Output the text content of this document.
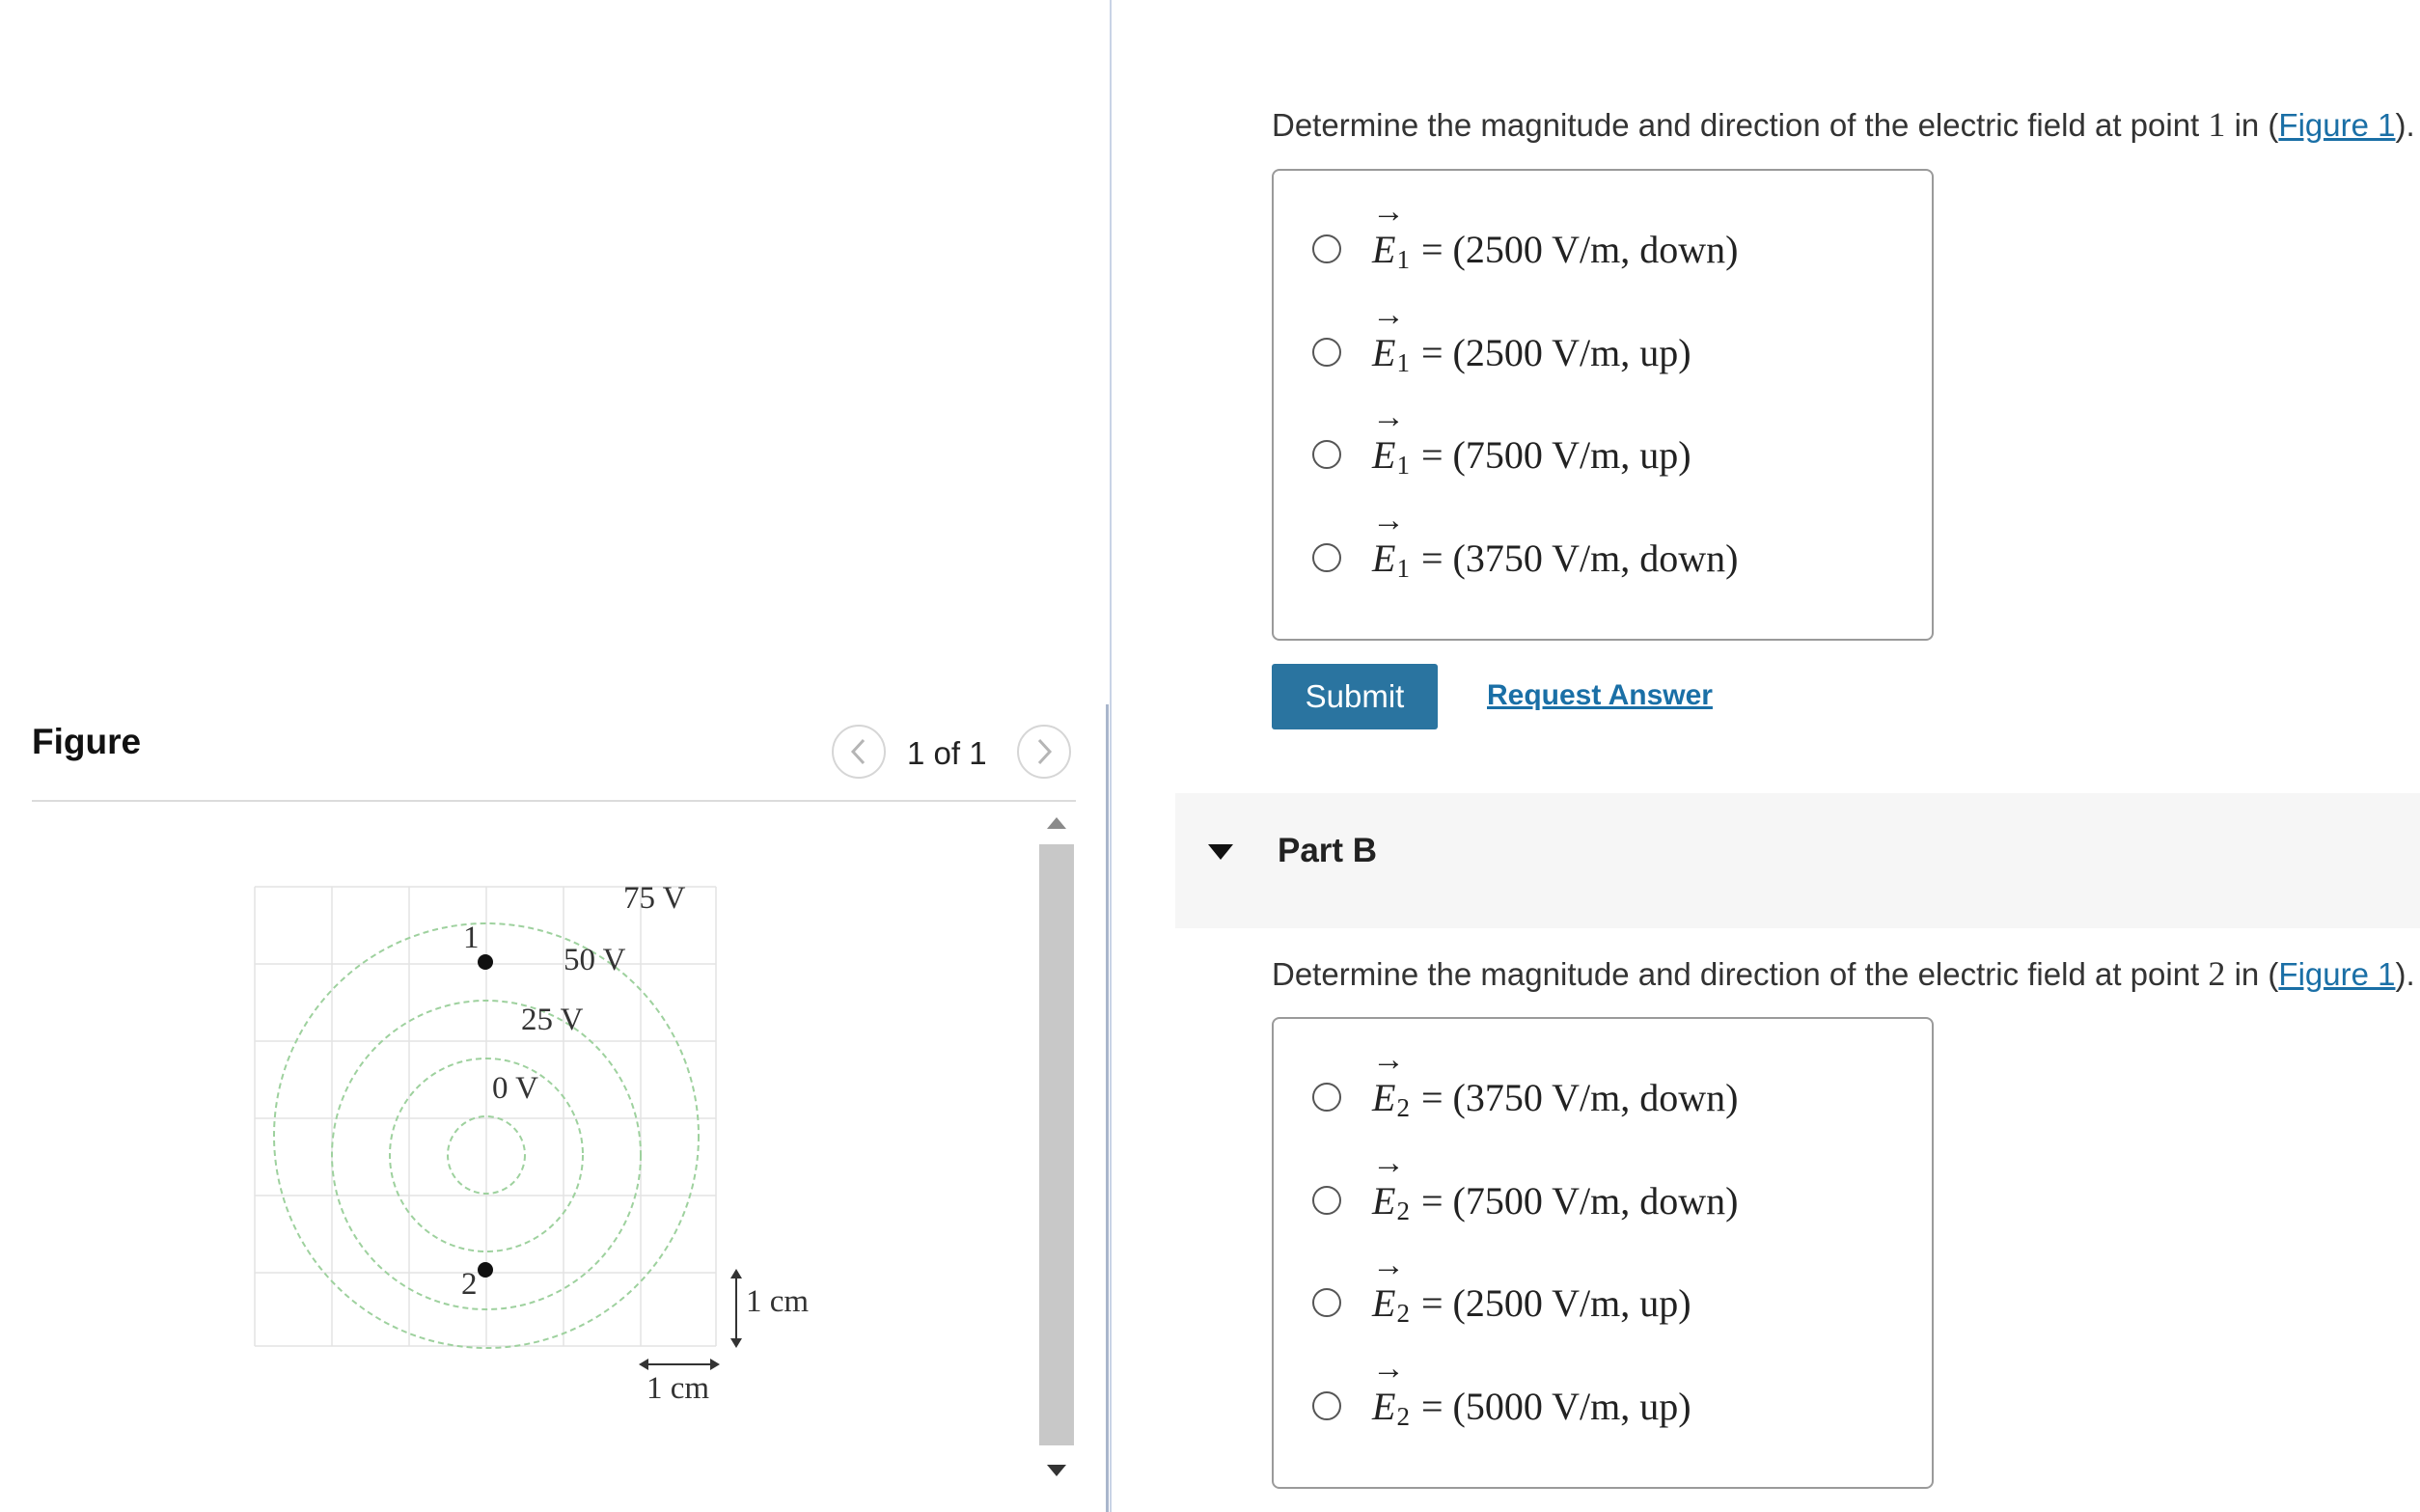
Figure	1 of 1
75 V
50 V
25 V
0 V
1
2	1 cm
1 cm
Determine the magnitude and direction of the electric field at point 1 in (Figure 1).
→
$E_1 = (2500$ V/m, down)
→
$E_1 = (2500$ V/m, up)
→
$E_1 = (7500$ V/m, up)
→
$E_1 = (3750$ V/m, down)
Submit	Request Answer
Part B
Determine the magnitude and direction of the electric field at point 2 in (Figure 1).
→
$E_2 = (3750$ V/m, down)
→
$E_2 = (7500$ V/m, down)
→
$E_2 = (2500$ V/m, up)
→
$E_2 = (5000$ V/m, up)
